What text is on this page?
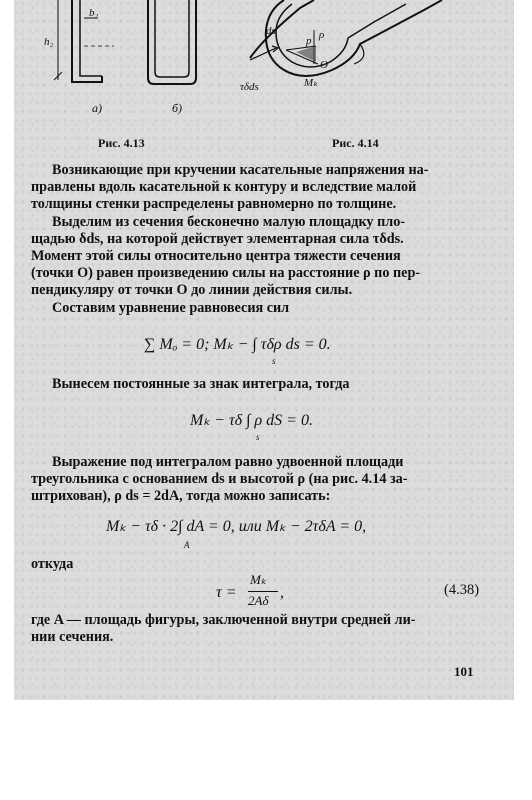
h₂
b₂
а)	б)
ds
p ρ
O
Mₖ
τδds
Рис. 4.13	Рис. 4.14
Возникающие при кручении касательные напряжения на-
правлены вдоль касательной к контуру и вследствие малой
толщины стенки распределены равномерно по толщине.
Выделим из сечения бесконечно малую площадку пло-
щадью δds, на которой действует элементарная сила τδds.
Момент этой силы относительно центра тяжести сечения
(точки O) равен произведению силы на расстояние ρ по пер-
пендикуляру от точки O до линии действия силы.
Составим уравнение равновесия сил
∑ Mₒ = 0; Mₖ − ∫ τδρ ds = 0.
s
Вынесем постоянные за знак интеграла, тогда
Mₖ − τδ ∫ ρ dS = 0.
s
Выражение под интегралом равно удвоенной площади
треугольника с основанием ds и высотой ρ (на рис. 4.14 за-
штрихован), ρ ds = 2dA, тогда можно записать:
Mₖ − τδ · 2∫ dA = 0, или Mₖ − 2τδA = 0,
A
откуда
τ =
Mₖ
2Aδ ,	(4.38)
где A — площадь фигуры, заключенной внутри средней ли-
нии сечения.
101
